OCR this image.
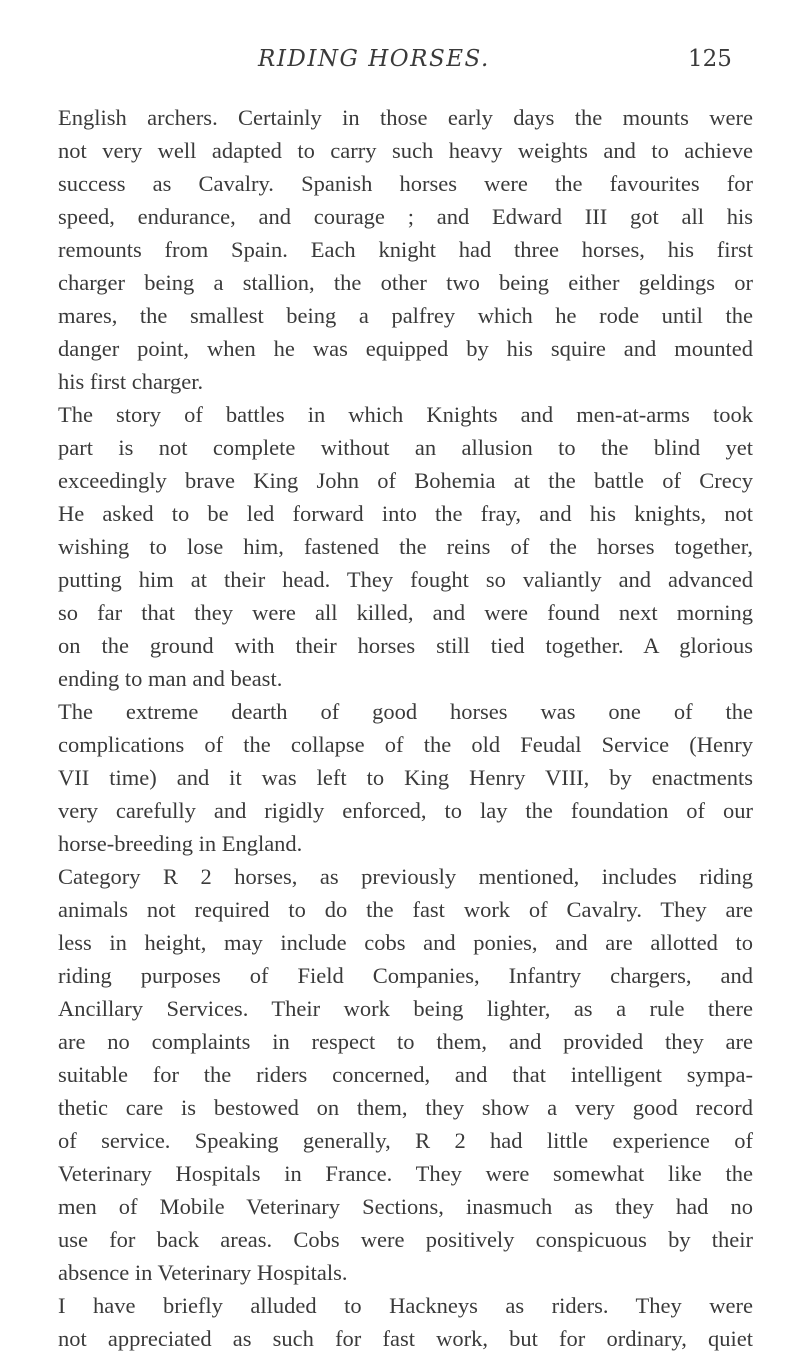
RIDING HORSES.	125
English archers. Certainly in those early days the mounts were
not very well adapted to carry such heavy weights and to achieve
success as Cavalry. Spanish horses were the favourites for
speed, endurance, and courage ; and Edward III got all his
remounts from Spain. Each knight had three horses, his first
charger being a stallion, the other two being either geldings or
mares, the smallest being a palfrey which he rode until the
danger point, when he was equipped by his squire and mounted
his first charger.
The story of battles in which Knights and men-at-arms took
part is not complete without an allusion to the blind yet
exceedingly brave King John of Bohemia at the battle of Crecy
He asked to be led forward into the fray, and his knights, not
wishing to lose him, fastened the reins of the horses together,
putting him at their head. They fought so valiantly and advanced
so far that they were all killed, and were found next morning
on the ground with their horses still tied together. A glorious
ending to man and beast.
The extreme dearth of good horses was one of the
complications of the collapse of the old Feudal Service (Henry
VII time) and it was left to King Henry VIII, by enactments
very carefully and rigidly enforced, to lay the foundation of our
horse-breeding in England.
Category R 2 horses, as previously mentioned, includes riding
animals not required to do the fast work of Cavalry. They are
less in height, may include cobs and ponies, and are allotted to
riding purposes of Field Companies, Infantry chargers, and
Ancillary Services. Their work being lighter, as a rule there
are no complaints in respect to them, and provided they are
suitable for the riders concerned, and that intelligent sympa-
thetic care is bestowed on them, they show a very good record
of service. Speaking generally, R 2 had little experience of
Veterinary Hospitals in France. They were somewhat like the
men of Mobile Veterinary Sections, inasmuch as they had no
use for back areas. Cobs were positively conspicuous by their
absence in Veterinary Hospitals.
I have briefly alluded to Hackneys as riders. They were
not appreciated as such for fast work, but for ordinary, quiet
